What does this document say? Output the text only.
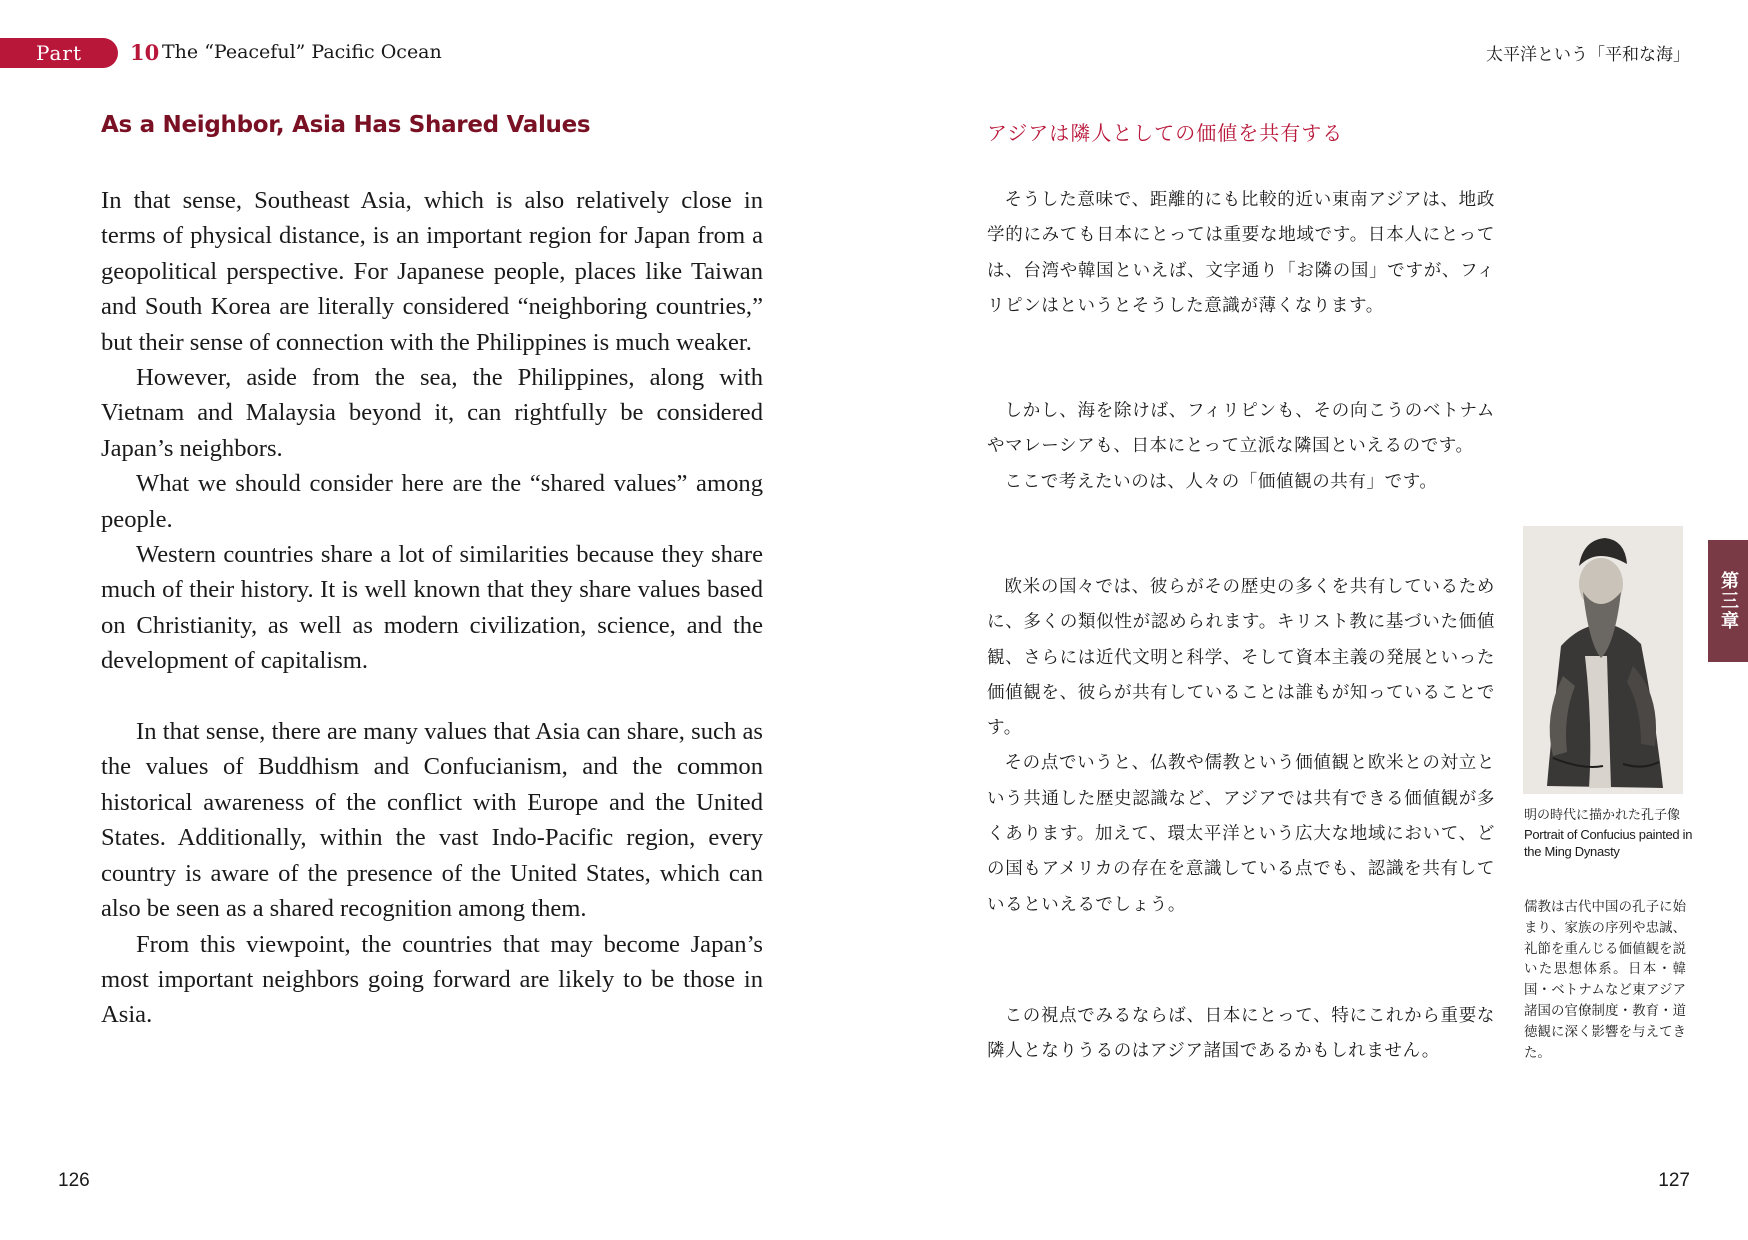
Part 10 The “Peaceful” Pacific Ocean	太平洋という「平和な海」
As a Neighbor, Asia Has Shared Values

In that sense, Southeast Asia, which is also relatively close in terms of physical distance, is an important region for Japan from a geopolitical perspective. For Japanese people, places like Taiwan and South Korea are literally considered “neighboring countries,” but their sense of connection with the Philippines is much weaker.

However, aside from the sea, the Philippines, along with Vietnam and Malaysia beyond it, can rightfully be considered Japan’s neighbors.

What we should consider here are the “shared values” among people.

Western countries share a lot of similarities because they share much of their history. It is well known that they share values based on Christianity, as well as modern civilization, science, and the development of capitalism.

In that sense, there are many values that Asia can share, such as the values of Buddhism and Confucianism, and the common historical awareness of the conflict with Europe and the United States. Additionally, within the vast Indo-Pacific region, every country is aware of the presence of the United States, which can also be seen as a shared recognition among them.

From this viewpoint, the countries that may become Japan’s most important neighbors going forward are likely to be those in Asia.

126
アジアは隣人としての価値を共有する

そうした意味で、距離的にも比較的近い東南アジアは、地政学的にみても日本にとっては重要な地域です。日本人にとっては、台湾や韓国といえば、文字通り「お隣の国」ですが、フィリピンはというとそうした意識が薄くなります。

しかし、海を除けば、フィリピンも、その向こうのベトナムやマレーシアも、日本にとって立派な隣国といえるのです。

ここで考えたいのは、人々の「価値観の共有」です。

欧米の国々では、彼らがその歴史の多くを共有しているために、多くの類似性が認められます。キリスト教に基づいた価値観、さらには近代文明と科学、そして資本主義の発展といった価値観を、彼らが共有していることは誰もが知っていることです。

その点でいうと、仏教や儒教という価値観と欧米との対立という共通した歴史認識など、アジアでは共有できる価値観が多くあります。加えて、環太平洋という広大な地域において、どの国もアメリカの存在を意識している点でも、認識を共有しているといえるでしょう。

この視点でみるならば、日本にとって、特にこれから重要な隣人となりうるのはアジア諸国であるかもしれません。

明の時代に描かれた孔子像
Portrait of Confucius painted in the Ming Dynasty
儒教は古代中国の孔子に始まり、家族の序列や忠誠、礼節を重んじる価値観を説いた思想体系。日本・韓国・ベトナムなど東アジア諸国の官僚制度・教育・道徳観に深く影響を与えてきた。
第三章
127
